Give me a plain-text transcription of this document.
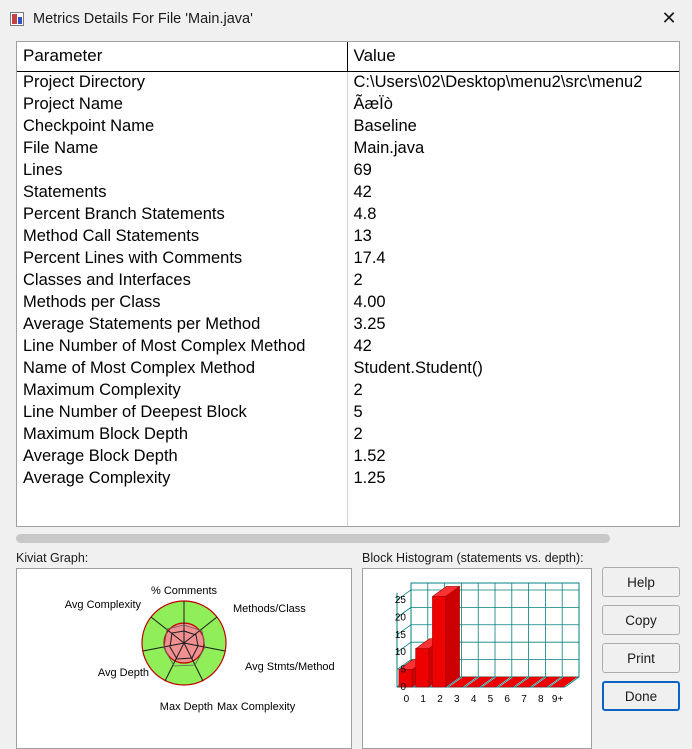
Metrics Details For File 'Main.java'	✕
Parameter	Value
Project Directory	C:\Users\02\Desktop\menu2\src\menu2
Project Name	ÃæÏò
Checkpoint Name	Baseline
File Name	Main.java
Lines	69
Statements	42
Percent Branch Statements	4.8
Method Call Statements	13
Percent Lines with Comments	17.4
Classes and Interfaces	2
Methods per Class	4.00
Average Statements per Method	3.25
Line Number of Most Complex Method	42
Name of Most Complex Method	Student.Student()
Maximum Complexity	2
Line Number of Deepest Block	5
Maximum Block Depth	2
Average Block Depth	1.52
Average Complexity	1.25
Kiviat Graph:
% Comments
Methods/Class
Avg Stmts/Method
Max Complexity
Max Depth
Avg Depth
Avg Complexity
Block Histogram (statements vs. depth):
0
5
10
15
20
25
0 1 2 3 4 5 6 7 8 9+
Help
Copy
Print
Done
